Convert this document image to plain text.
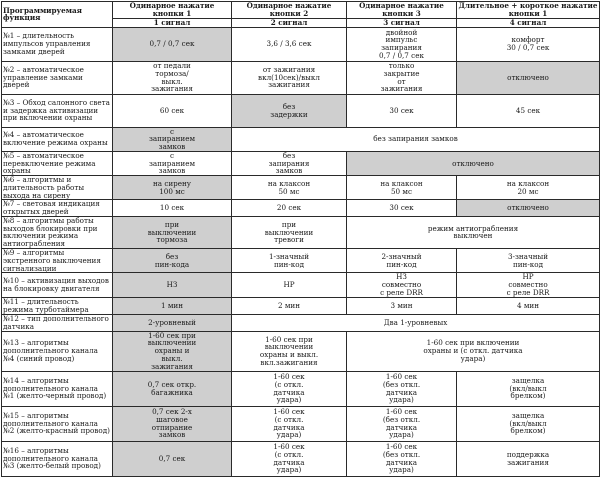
Программируемая функция	Одинарное нажатие кнопки 1	Одинарное нажатие кнопки 2	Одинарное нажатие кнопки 3	Длительное + короткое нажатие кнопки 1
	1 сигнал	2 сигнал	3 сигнал	4 сигнал
№1 – длительность импульсов управления замками дверей	0,7 / 0,7 сек	3,6 / 3,6 сек	двойной
импульс
запирания
0,7 / 0,7 сек	комфорт
30 / 0,7 сек
№2 – автоматическое управление замками дверей	от педали
тормоза/
выкл.
зажигания	от зажигания
вкл(10сек)/выкл
зажигания	только
закрытие
от
зажигания	отключено
№3 – Обход салонного света и задержка активизации при включении охраны	60 сек	без
задержки	30 сек	45 сек
№4 – автоматическое включение режима охраны	с
запиранием
замков	без запирания замков		
№5 – автоматическое перевключение режима охраны	с
запиранием
замков	без
запирания
замков	отключено	
№6 – алгоритмы и длительность работы выхода на сирену	на сирену
100 мс	на клаксон
50 мс	на клаксон
50 мс	на клаксон
20 мс
№7 – световая индикация открытых дверей	10 сек	20 сек	30 сек	отключено
№8 – алгоритмы работы выходов блокировки при включении режима антиограбления	при
выключении
тормоза	при
выключении
тревоги	режим антиограбления
выключен	
№9 – алгоритмы экстренного выключения сигнализации	без
пин-кода	1-значный
пин-код	2-значный
пин-код	3-значный
пин-код
№10 – активизация выходов на блокировку двигателя	НЗ	НР	НЗ
совместно
с реле DRR	НР
совместно
с реле DRR
№11 – длительность режима турботаймера	1 мин	2 мин	3 мин	4 мин
№12 – тип дополнительного датчика	2-уровневый	Два 1-уровневых		
№13 – алгоритмы дополнительного канала №4 (синий провод)	1-60 сек при
выключении
охраны и
выкл.
зажигания	1-60 сек при
выключении
охраны и выкл.
вкл.зажигания	1-60 сек при включении
охраны и (с откл. датчика
удара)	
№14 – алгоритмы дополнительного канала №1 (желто-черный провод)	0,7 сек откр.
багажника	1-60 сек
(с откл.
датчика
удара)	1-60 сек
(без откл.
датчика
удара)	защелка
(вкл/выкл
брелком)
№15 – алгоритмы дополнительного канала №2 (желто-красный провод)	0,7 сек 2-х
шаговое
отпирание
замков	1-60 сек
(с откл.
датчика
удара)	1-60 сек
(без откл.
датчика
удара)	защелка
(вкл/выкл
брелком)
№16 – алгоритмы дополнительного канала №3 (желто-белый провод)	0,7 сек	1-60 сек
(с откл.
датчика
удара)	1-60 сек
(без откл.
датчика
удара)	поддержка
зажигания
